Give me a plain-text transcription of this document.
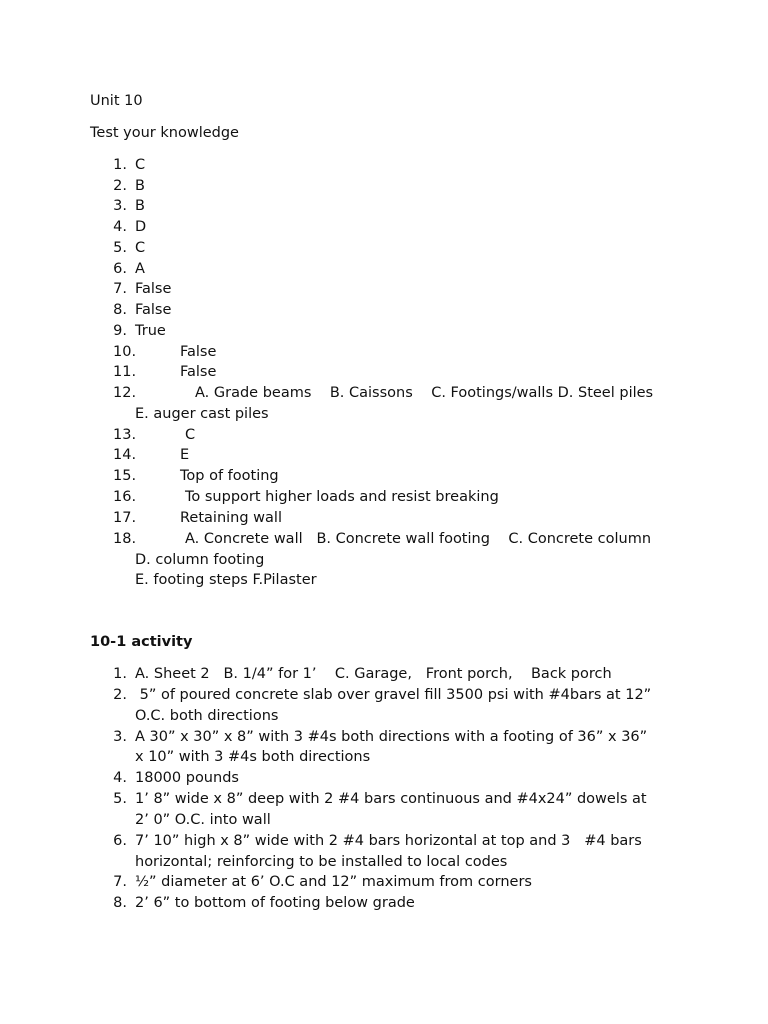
Unit 10
Test your knowledge
1. C
2. B
3. B
4. D
5. C
6. A
7. False
8. False
9. True
10.	False
11.	False
12.	A. Grade beams    B. Caissons    C. Footings/walls D. Steel piles
E. auger cast piles
13.	C
14.	E
15.	Top of footing
16.	To support higher loads and resist breaking
17.	Retaining wall
18.	A. Concrete wall   B. Concrete wall footing    C. Concrete column
D. column footing
E. footing steps F.Pilaster
10-1 activity
1. A. Sheet 2   B. 1/4” for 1’    C. Garage,   Front porch,    Back porch
2. 5” of poured concrete slab over gravel fill 3500 psi with #4bars at 12”
O.C. both directions
3. A 30” x 30” x 8” with 3 #4s both directions with a footing of 36” x 36”
x 10” with 3 #4s both directions
4. 18000 pounds
5. 1’ 8” wide x 8” deep with 2 #4 bars continuous and #4x24” dowels at
2’ 0” O.C. into wall
6. 7’ 10” high x 8” wide with 2 #4 bars horizontal at top and 3   #4 bars
horizontal; reinforcing to be installed to local codes
7. ½” diameter at 6’ O.C and 12” maximum from corners
8. 2’ 6” to bottom of footing below grade
